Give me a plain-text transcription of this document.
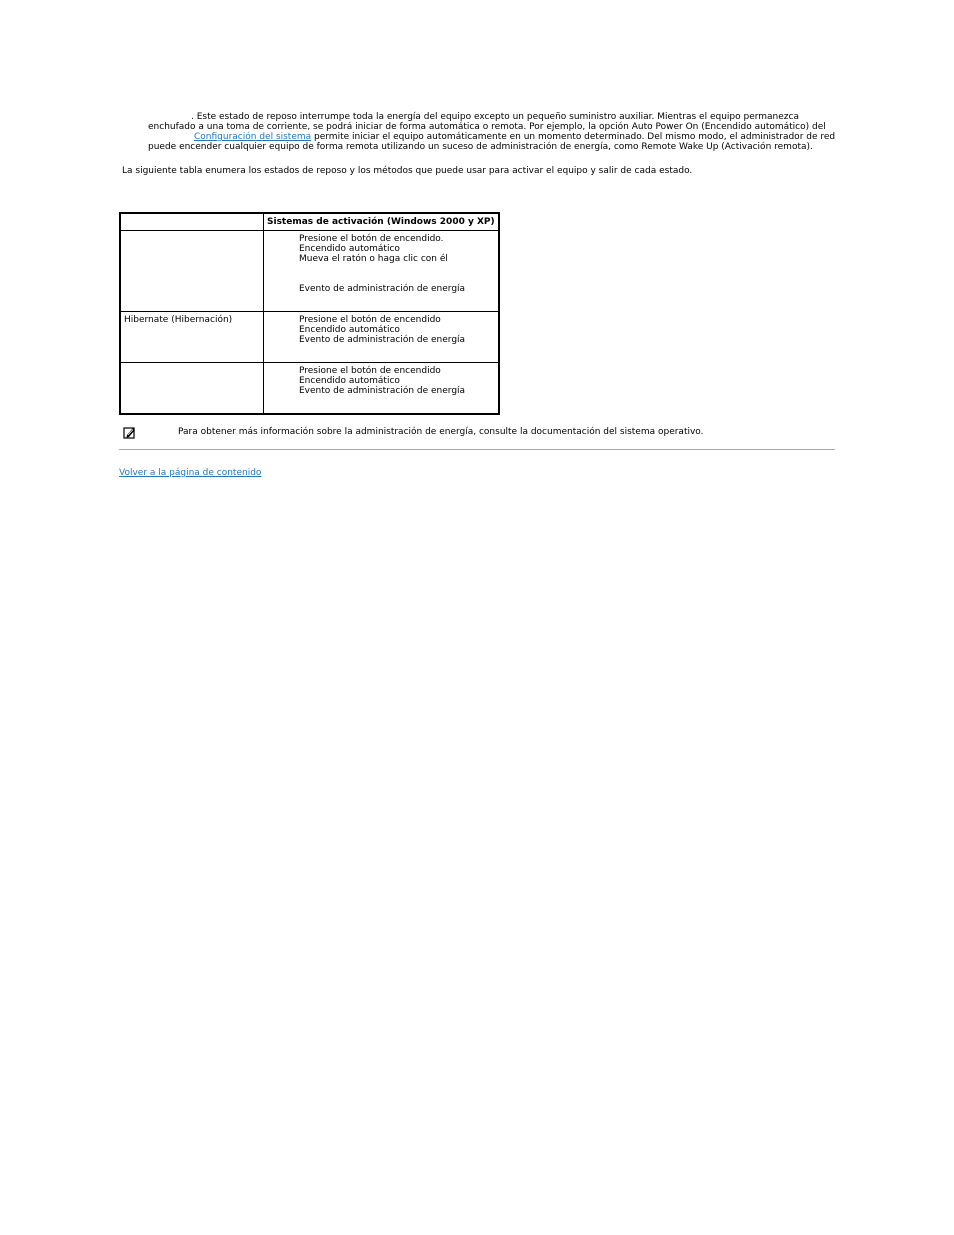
. Este estado de reposo interrumpe toda la energía del equipo excepto un pequeño suministro auxiliar. Mientras el equipo permanezca
enchufado a una toma de corriente, se podrá iniciar de forma automática o remota. Por ejemplo, la opción Auto Power On (Encendido automático) del
Configuración del sistema permite iniciar el equipo automáticamente en un momento determinado. Del mismo modo, el administrador de red
puede encender cualquier equipo de forma remota utilizando un suceso de administración de energía, como Remote Wake Up (Activación remota).
La siguiente tabla enumera los estados de reposo y los métodos que puede usar para activar el equipo y salir de cada estado.
	Sistemas de activación (Windows 2000 y XP)

	Presione el botón de encendido.
Encendido automático
Mueva el ratón o haga clic con él
Evento de administración de energía

Hibernate (Hibernación)	Presione el botón de encendido
Encendido automático
Evento de administración de energía

	Presione el botón de encendido
Encendido automático
Evento de administración de energía
Para obtener más información sobre la administración de energía, consulte la documentación del sistema operativo.
Volver a la página de contenido
